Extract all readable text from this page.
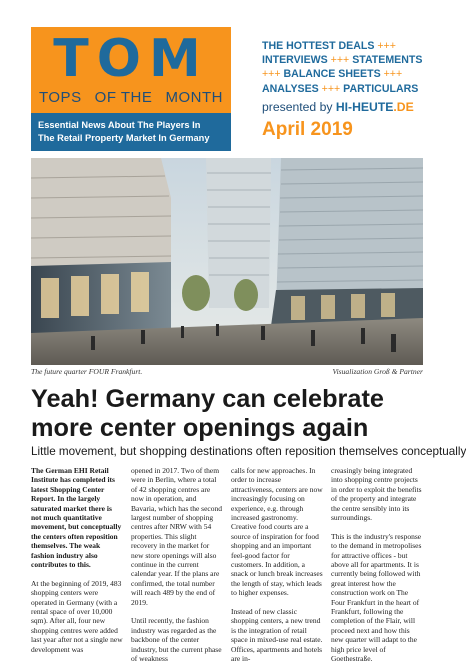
TOM
TOPS OF THE MONTH
Essential News About The Players In
The Retail Property Market In Germany
THE HOTTEST DEALS +++
INTERVIEWS +++ STATEMENTS
+++ BALANCE SHEETS +++
ANALYSES +++ PARTICULARS
presented by HI-HEUTE.DE
April 2019
The future quarter FOUR Frankfurt.	Visualization Groß & Partner
Yeah! Germany can celebrate
more center openings again
Little movement, but shopping destinations often reposition themselves conceptually

The German EHI Retail Institute has completed its latest Shopping Center Report. In the largely saturated market there is not much quantitative movement, but conceptually the centers often reposition themselves. The weak fashion industry also contributes to this.

At the beginning of 2019, 483 shopping centers were operated in Germany (with a rental space of over 10,000 sqm). After all, four new shopping centres were added last year after not a single new development was

opened in 2017. Two of them were in Berlin, where a total of 42 shopping centres are now in operation, and Bavaria, which has the second largest number of shopping centres after NRW with 54 properties. This slight recovery in the market for new store openings will also continue in the current calendar year. If the plans are confirmed, the total number will reach 489 by the end of 2019.

Until recently, the fashion industry was regarded as the backbone of the center industry, but the current phase of weakness

calls for new approaches. In order to increase attractiveness, centers are now increasingly focusing on experience, e.g. through increased gastronomy. Creative food courts are a source of inspiration for food shopping and an important feel-good factor for customers. In addition, a snack or lunch break increases the length of stay, which leads to higher expenses.

Instead of new classic shopping centers, a new trend is the integration of retail space in mixed-use real estate. Offices, apartments and hotels are in-

creasingly being integrated into shopping centre projects in order to exploit the benefits of the property and integrate the centre sensibly into its surroundings.

This is the industry's response to the demand in metropolises for attractive offices - but above all for apartments. It is currently being followed with great interest how the construction work on The Four Frankfurt in the heart of Frankfurt, following the completion of the Flair, will proceed next and how this new quarter will adapt to the high price level of Goethestraße.
